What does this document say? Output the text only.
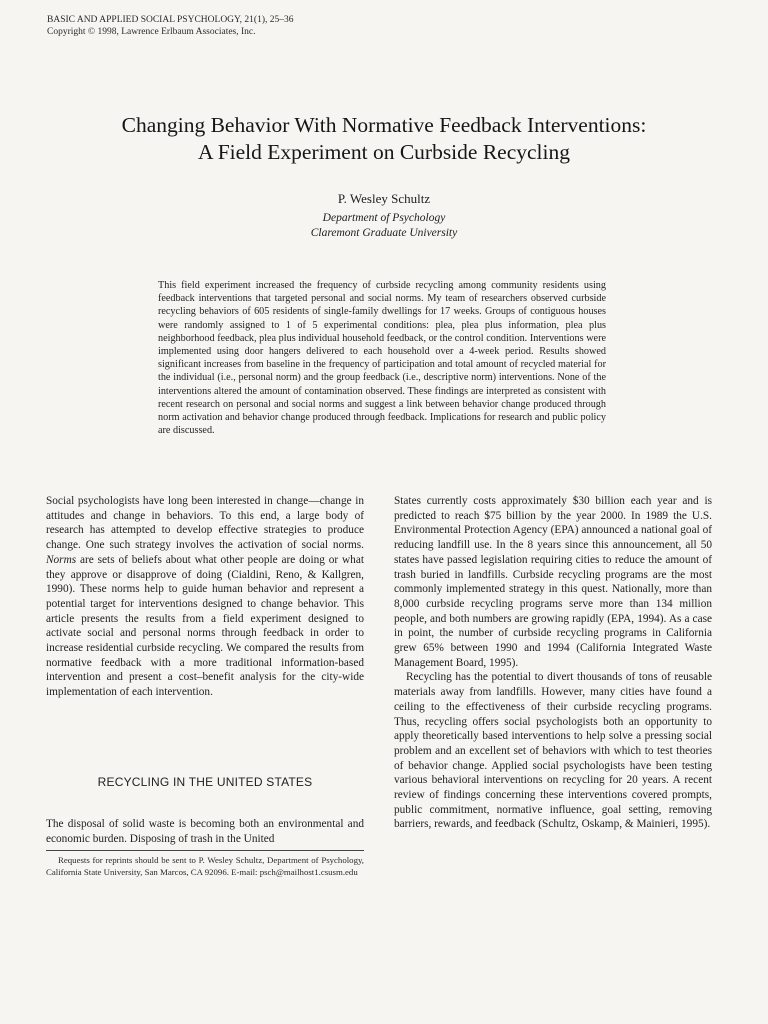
BASIC AND APPLIED SOCIAL PSYCHOLOGY, 21(1), 25–36
Copyright © 1998, Lawrence Erlbaum Associates, Inc.
Changing Behavior With Normative Feedback Interventions:
A Field Experiment on Curbside Recycling
P. Wesley Schultz
Department of Psychology
Claremont Graduate University
This field experiment increased the frequency of curbside recycling among community residents using feedback interventions that targeted personal and social norms. My team of researchers observed curbside recycling behaviors of 605 residents of single-family dwellings for 17 weeks. Groups of contiguous houses were randomly assigned to 1 of 5 experimental conditions: plea, plea plus information, plea plus neighborhood feedback, plea plus individual household feedback, or the control condition. Interventions were implemented using door hangers delivered to each household over a 4-week period. Results showed significant increases from baseline in the frequency of participation and total amount of recycled material for the individual (i.e., personal norm) and the group feedback (i.e., descriptive norm) interventions. None of the interventions altered the amount of contamination observed. These findings are interpreted as consistent with recent research on personal and social norms and suggest a link between behavior change produced through norm activation and behavior change produced through feedback. Implications for research and public policy are discussed.

Social psychologists have long been interested in change—change in attitudes and change in behaviors. To this end, a large body of research has attempted to develop effective strategies to produce change. One such strategy involves the activation of social norms. Norms are sets of beliefs about what other people are doing or what they approve or disapprove of doing (Cialdini, Reno, & Kallgren, 1990). These norms help to guide human behavior and represent a potential target for interventions designed to change behavior. This article presents the results from a field experiment designed to activate social and personal norms through feedback in order to increase residential curbside recycling. We compared the results from normative feedback with a more traditional information-based intervention and present a cost–benefit analysis for the city-wide implementation of each intervention.

RECYCLING IN THE UNITED STATES

The disposal of solid waste is becoming both an environmental and economic burden. Disposing of trash in the United

Requests for reprints should be sent to P. Wesley Schultz, Department of Psychology, California State University, San Marcos, CA 92096. E-mail: psch@mailhost1.csusm.edu

States currently costs approximately $30 billion each year and is predicted to reach $75 billion by the year 2000. In 1989 the U.S. Environmental Protection Agency (EPA) announced a national goal of reducing landfill use. In the 8 years since this announcement, all 50 states have passed legislation requiring cities to reduce the amount of trash buried in landfills. Curbside recycling programs are the most commonly implemented strategy in this quest. Nationally, more than 8,000 curbside recycling programs serve more than 134 million people, and both numbers are growing rapidly (EPA, 1994). As a case in point, the number of curbside recycling programs in California grew 65% between 1990 and 1994 (California Integrated Waste Management Board, 1995).

Recycling has the potential to divert thousands of tons of reusable materials away from landfills. However, many cities have found a ceiling to the effectiveness of their curbside recycling programs. Thus, recycling offers social psychologists both an opportunity to apply theoretically based interventions to help solve a pressing social problem and an excellent set of behaviors with which to test theories of behavior change. Applied social psychologists have been testing various behavioral interventions on recycling for 20 years. A recent review of findings concerning these interventions covered prompts, public commitment, normative influence, goal setting, removing barriers, rewards, and feedback (Schultz, Oskamp, & Mainieri, 1995).
